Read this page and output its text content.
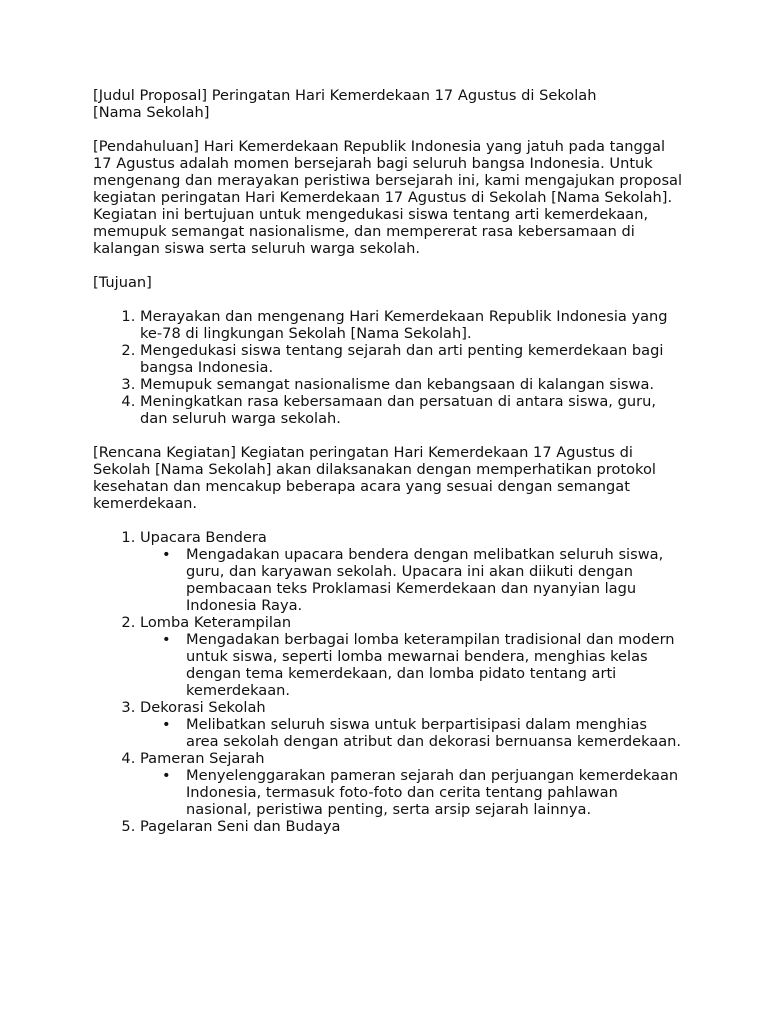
[Judul Proposal] Peringatan Hari Kemerdekaan 17 Agustus di Sekolah
[Nama Sekolah]

[Pendahuluan] Hari Kemerdekaan Republik Indonesia yang jatuh pada tanggal 17 Agustus adalah momen bersejarah bagi seluruh bangsa Indonesia. Untuk mengenang dan merayakan peristiwa bersejarah ini, kami mengajukan proposal kegiatan peringatan Hari Kemerdekaan 17 Agustus di Sekolah [Nama Sekolah]. Kegiatan ini bertujuan untuk mengedukasi siswa tentang arti kemerdekaan, memupuk semangat nasionalisme, dan mempererat rasa kebersamaan di kalangan siswa serta seluruh warga sekolah.

[Tujuan]

1. Merayakan dan mengenang Hari Kemerdekaan Republik Indonesia yang ke-78 di lingkungan Sekolah [Nama Sekolah].
2. Mengedukasi siswa tentang sejarah dan arti penting kemerdekaan bagi bangsa Indonesia.
3. Memupuk semangat nasionalisme dan kebangsaan di kalangan siswa.
4. Meningkatkan rasa kebersamaan dan persatuan di antara siswa, guru, dan seluruh warga sekolah.

[Rencana Kegiatan] Kegiatan peringatan Hari Kemerdekaan 17 Agustus di Sekolah [Nama Sekolah] akan dilaksanakan dengan memperhatikan protokol kesehatan dan mencakup beberapa acara yang sesuai dengan semangat kemerdekaan.

1. Upacara Bendera
• Mengadakan upacara bendera dengan melibatkan seluruh siswa, guru, dan karyawan sekolah. Upacara ini akan diikuti dengan pembacaan teks Proklamasi Kemerdekaan dan nyanyian lagu Indonesia Raya.
2. Lomba Keterampilan
• Mengadakan berbagai lomba keterampilan tradisional dan modern untuk siswa, seperti lomba mewarnai bendera, menghias kelas dengan tema kemerdekaan, dan lomba pidato tentang arti kemerdekaan.
3. Dekorasi Sekolah
• Melibatkan seluruh siswa untuk berpartisipasi dalam menghias area sekolah dengan atribut dan dekorasi bernuansa kemerdekaan.
4. Pameran Sejarah
• Menyelenggarakan pameran sejarah dan perjuangan kemerdekaan Indonesia, termasuk foto-foto dan cerita tentang pahlawan nasional, peristiwa penting, serta arsip sejarah lainnya.
5. Pagelaran Seni dan Budaya
